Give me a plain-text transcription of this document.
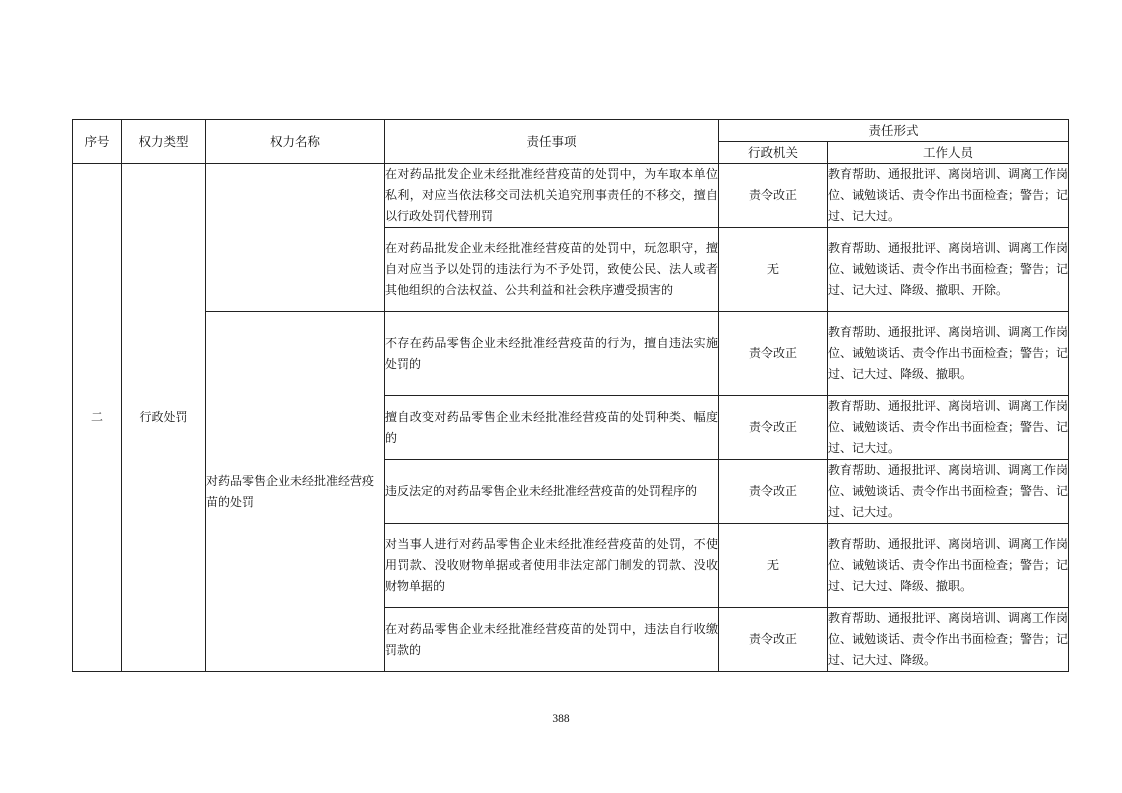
序号	权力类型	权力名称	责任事项	责任形式	
				行政机关	工作人员
二	行政处罚		在对药品批发企业未经批准经营疫苗的处罚中，为车取本单位私利，对应当依法移交司法机关追究刑事责任的不移交，擅自以行政处罚代替刑罚	责令改正	教育帮助、通报批评、离岗培训、调离工作岗位、诫勉谈话、责令作出书面检查；警告；记过、记大过。
			在对药品批发企业未经批准经营疫苗的处罚中，玩忽职守，擅自对应当予以处罚的违法行为不予处罚，致使公民、法人或者其他组织的合法权益、公共利益和社会秩序遭受损害的	无	教育帮助、通报批评、离岗培训、调离工作岗位、诫勉谈话、责令作出书面检查；警告；记过、记大过、降级、撤职、开除。
		对药品零售企业未经批准经营疫苗的处罚	不存在药品零售企业未经批准经营疫苗的行为，擅自违法实施处罚的	责令改正	教育帮助、通报批评、离岗培训、调离工作岗位、诫勉谈话、责令作出书面检查；警告；记过、记大过、降级、撤职。
			擅自改变对药品零售企业未经批准经营疫苗的处罚种类、幅度的	责令改正	教育帮助、通报批评、离岗培训、调离工作岗位、诫勉谈话、责令作出书面检查；警告、记过、记大过。
			违反法定的对药品零售企业未经批准经营疫苗的处罚程序的	责令改正	教育帮助、通报批评、离岗培训、调离工作岗位、诫勉谈话、责令作出书面检查；警告、记过、记大过。
			对当事人进行对药品零售企业未经批准经营疫苗的处罚，不使用罚款、没收财物单据或者使用非法定部门制发的罚款、没收财物单据的	无	教育帮助、通报批评、离岗培训、调离工作岗位、诫勉谈话、责令作出书面检查；警告；记过、记大过、降级、撤职。
			在对药品零售企业未经批准经营疫苗的处罚中，违法自行收缴罚款的	责令改正	教育帮助、通报批评、离岗培训、调离工作岗位、诫勉谈话、责令作出书面检查；警告；记过、记大过、降级。
388
